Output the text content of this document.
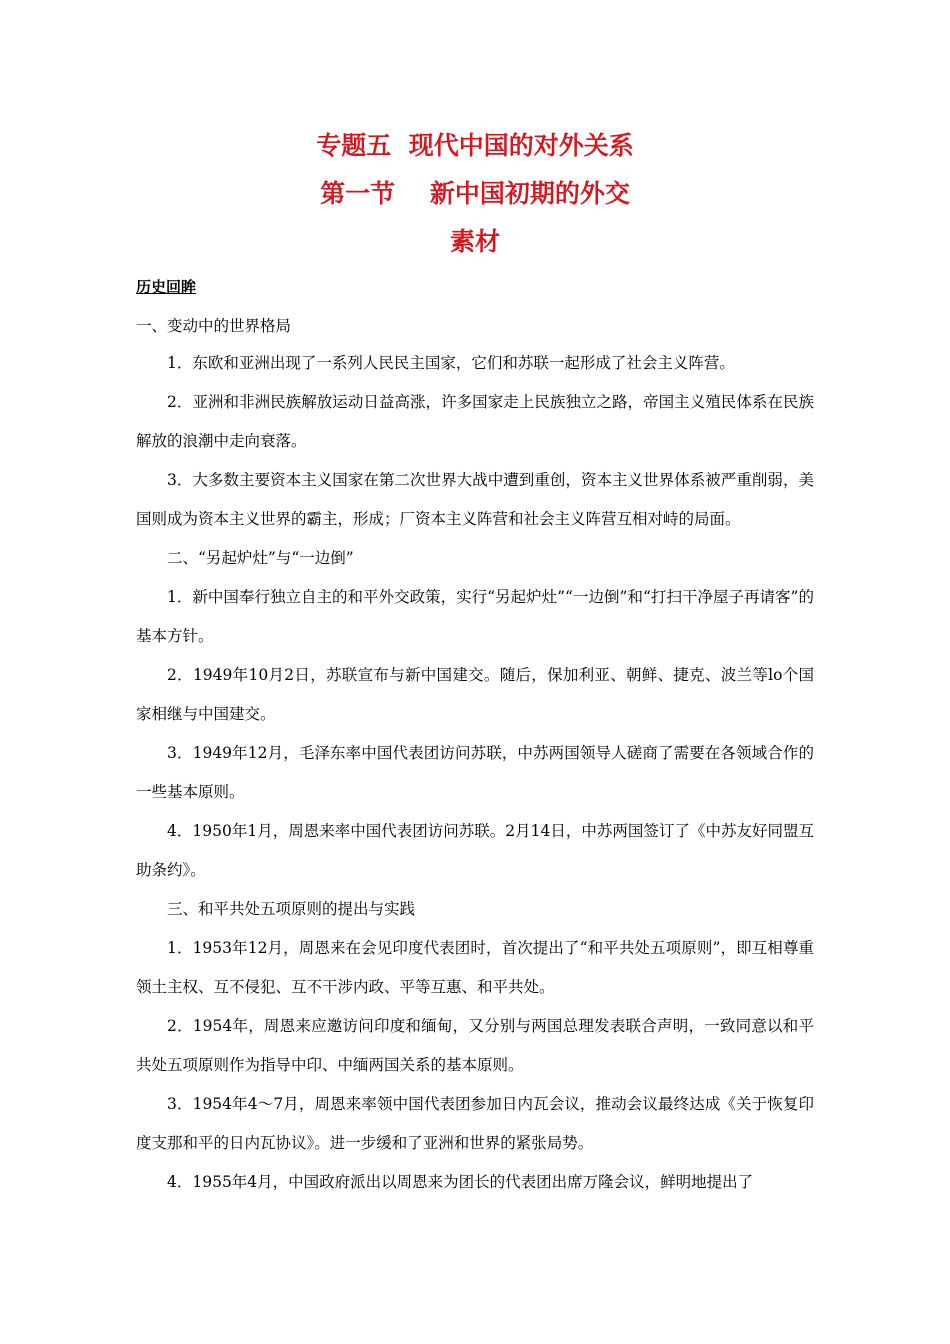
专题五  现代中国的对外关系
第一节    新中国初期的外交
素材
历史回眸
一、变动中的世界格局

1．东欧和亚洲出现了一系列人民民主国家，它们和苏联一起形成了社会主义阵营。

2．亚洲和非洲民族解放运动日益高涨，许多国家走上民族独立之路，帝国主义殖民体系在民族解放的浪潮中走向衰落。

3．大多数主要资本主义国家在第二次世界大战中遭到重创，资本主义世界体系被严重削弱，美国则成为资本主义世界的霸主，形成；厂资本主义阵营和社会主义阵营互相对峙的局面。

二、“另起炉灶”与“一边倒”

1．新中国奉行独立自主的和平外交政策，实行“另起炉灶”“一边倒”和“打扫干净屋子再请客”的基本方针。

2．1949年10月2日，苏联宣布与新中国建交。随后，保加利亚、朝鲜、捷克、波兰等lo个国家相继与中国建交。

3．1949年12月，毛泽东率中国代表团访问苏联，中苏两国领导人磋商了需要在各领域合作的一些基本原则。

4．1950年1月，周恩来率中国代表团访问苏联。2月14日，中苏两国签订了《中苏友好同盟互助条约》。

三、和平共处五项原则的提出与实践

1．1953年12月，周恩来在会见印度代表团时，首次提出了“和平共处五项原则”，即互相尊重领土主权、互不侵犯、互不干涉内政、平等互惠、和平共处。

2．1954年，周恩来应邀访问印度和缅甸，又分别与两国总理发表联合声明，一致同意以和平共处五项原则作为指导中印、中缅两国关系的基本原则。

3．1954年4～7月，周恩来率领中国代表团参加日内瓦会议，推动会议最终达成《关于恢复印度支那和平的日内瓦协议》。进一步缓和了亚洲和世界的紧张局势。

4．1955年4月，中国政府派出以周恩来为团长的代表团出席万隆会议，鲜明地提出了
